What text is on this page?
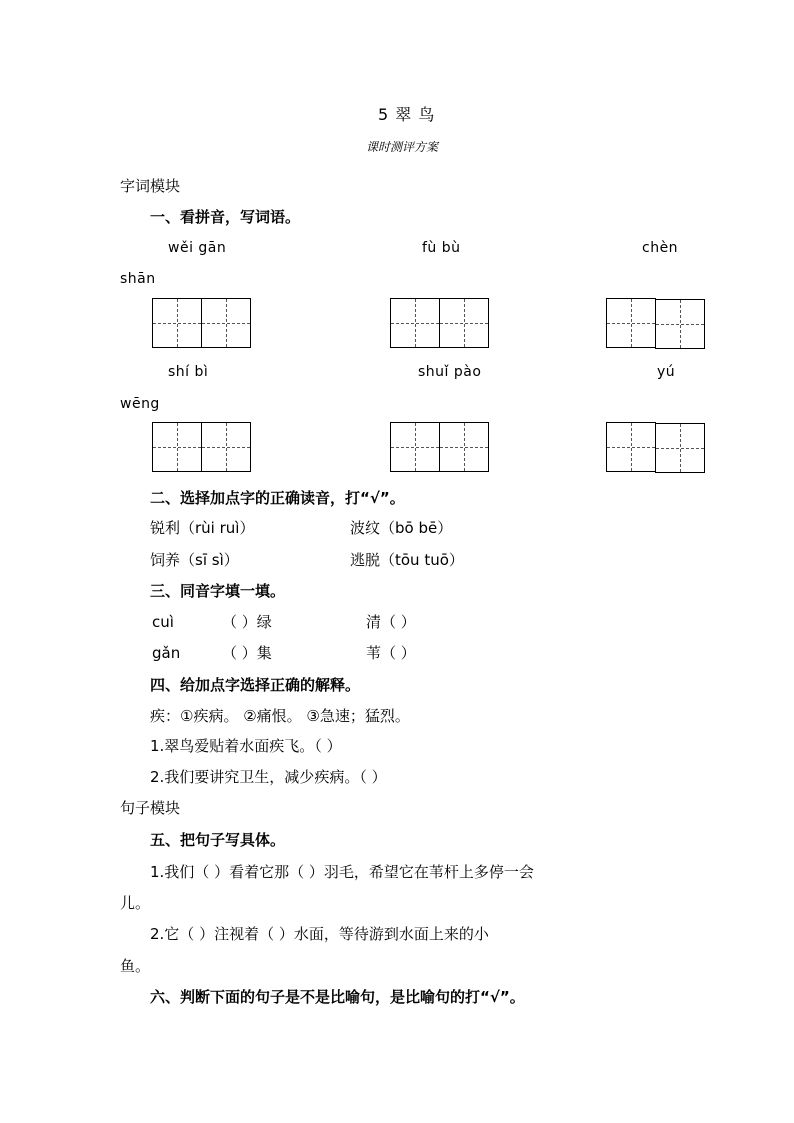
5 翠 鸟
课时测评方案
字词模块
一、看拼音，写词语。
wěi gān	fù bù	chèn
shān
shí bì	shuǐ pào	yú
wēng
二、选择加点字的正确读音，打“√”。
锐利（rùi ruì）	波纹（bō bē）
饲养（sī sì）	逃脱（tōu tuō）
三、同音字填一填。
cuì	（ ）绿	清（ ）
gǎn	（ ）集	苇（ ）
四、给加点字选择正确的解释。
疾：①疾病。 ②痛恨。 ③急速；猛烈。
1.翠鸟爱贴着水面疾飞。（ ）
2.我们要讲究卫生，减少疾病。（ ）
句子模块
五、把句子写具体。
1.我们（ ）看着它那（ ）羽毛，希望它在苇杆上多停一会
儿。
2.它（ ）注视着（ ）水面，等待游到水面上来的小
鱼。
六、判断下面的句子是不是比喻句，是比喻句的打“√”。
